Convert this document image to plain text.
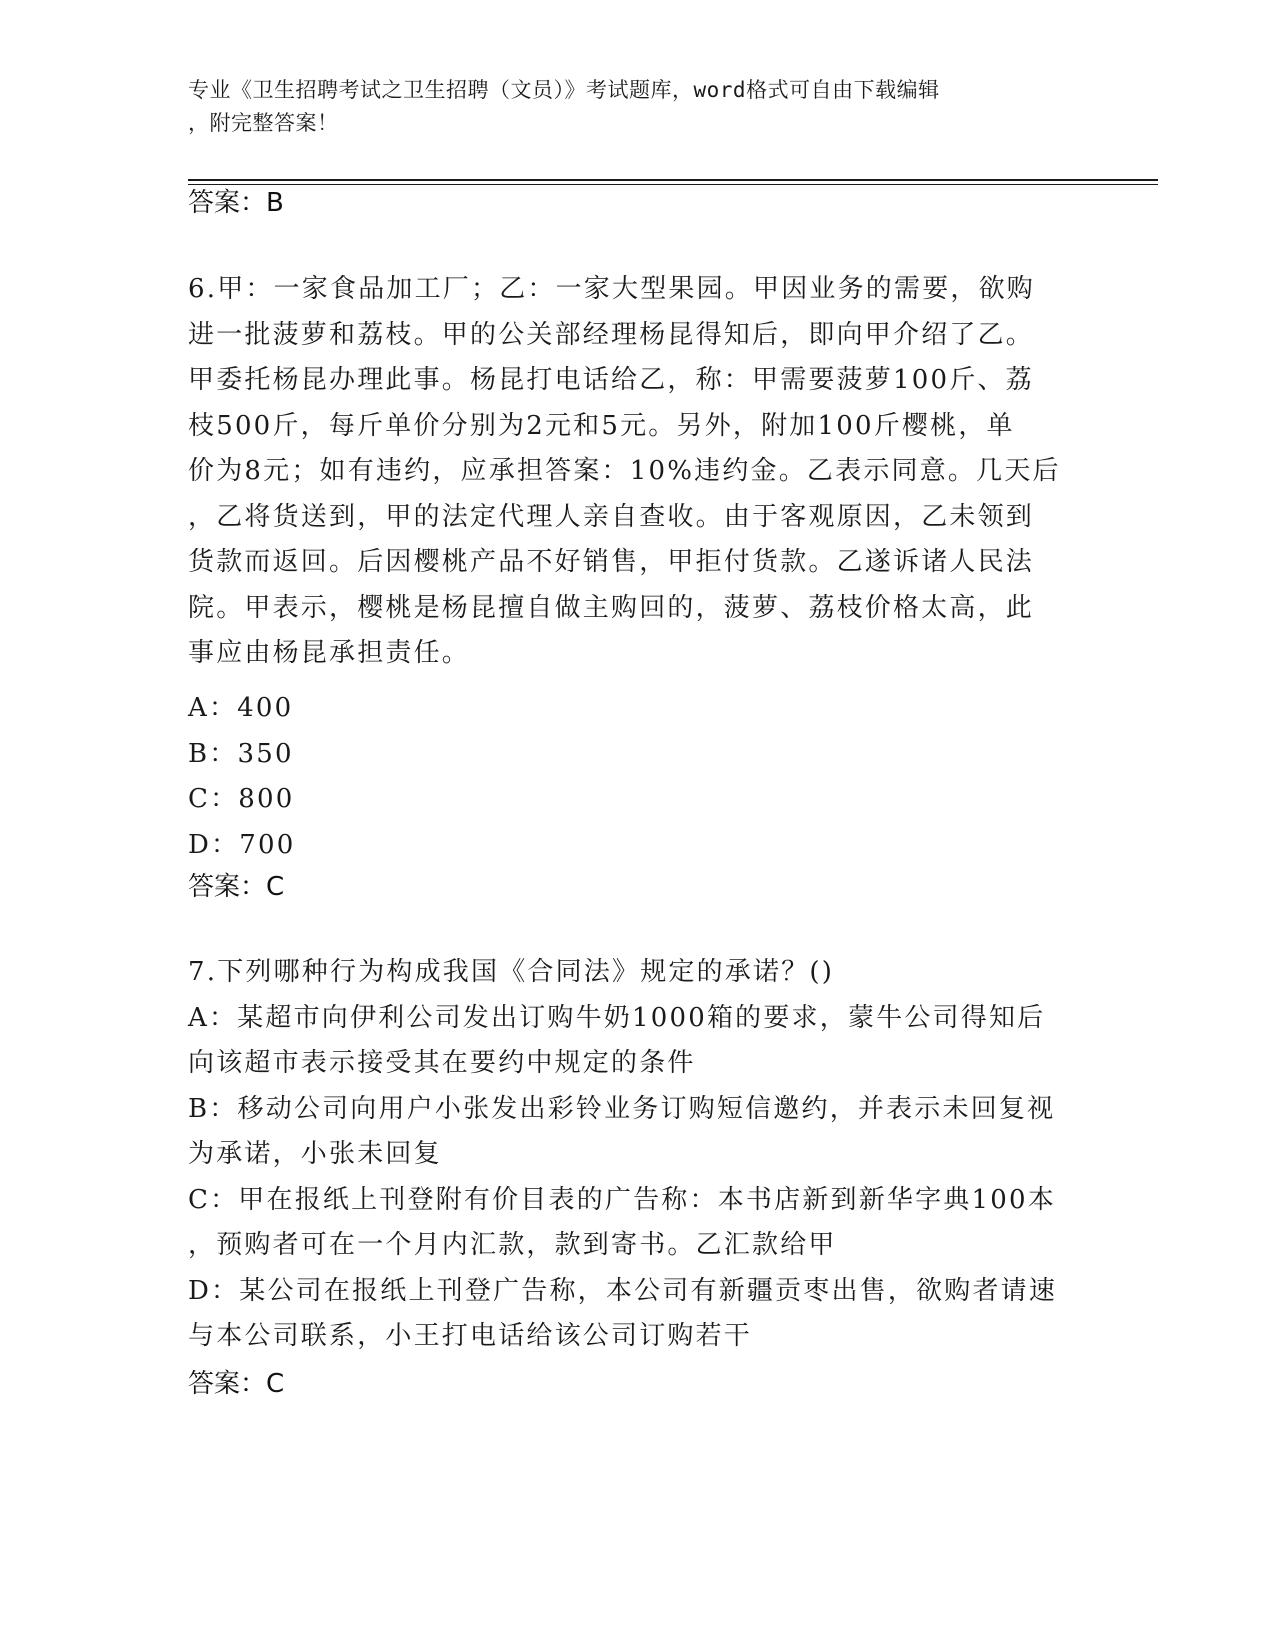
专业《卫生招聘考试之卫生招聘（文员）》考试题库，word格式可自由下载编辑
，附完整答案！
答案：B
6.甲：一家食品加工厂；乙：一家大型果园。甲因业务的需要，欲购
进一批菠萝和荔枝。甲的公关部经理杨昆得知后，即向甲介绍了乙。
甲委托杨昆办理此事。杨昆打电话给乙，称：甲需要菠萝100斤、荔
枝500斤，每斤单价分别为2元和5元。另外，附加100斤樱桃，单
价为8元；如有违约，应承担答案：10%违约金。乙表示同意。几天后
，乙将货送到，甲的法定代理人亲自查收。由于客观原因，乙未领到
货款而返回。后因樱桃产品不好销售，甲拒付货款。乙遂诉诸人民法
院。甲表示，樱桃是杨昆擅自做主购回的，菠萝、荔枝价格太高，此
事应由杨昆承担责任。
A：400
B：350
C：800
D：700
答案：C
7.下列哪种行为构成我国《合同法》规定的承诺？()
A：某超市向伊利公司发出订购牛奶1000箱的要求，蒙牛公司得知后
向该超市表示接受其在要约中规定的条件
B：移动公司向用户小张发出彩铃业务订购短信邀约，并表示未回复视
为承诺，小张未回复
C：甲在报纸上刊登附有价目表的广告称：本书店新到新华字典100本
，预购者可在一个月内汇款，款到寄书。乙汇款给甲
D：某公司在报纸上刊登广告称，本公司有新疆贡枣出售，欲购者请速
与本公司联系，小王打电话给该公司订购若干
答案：C
